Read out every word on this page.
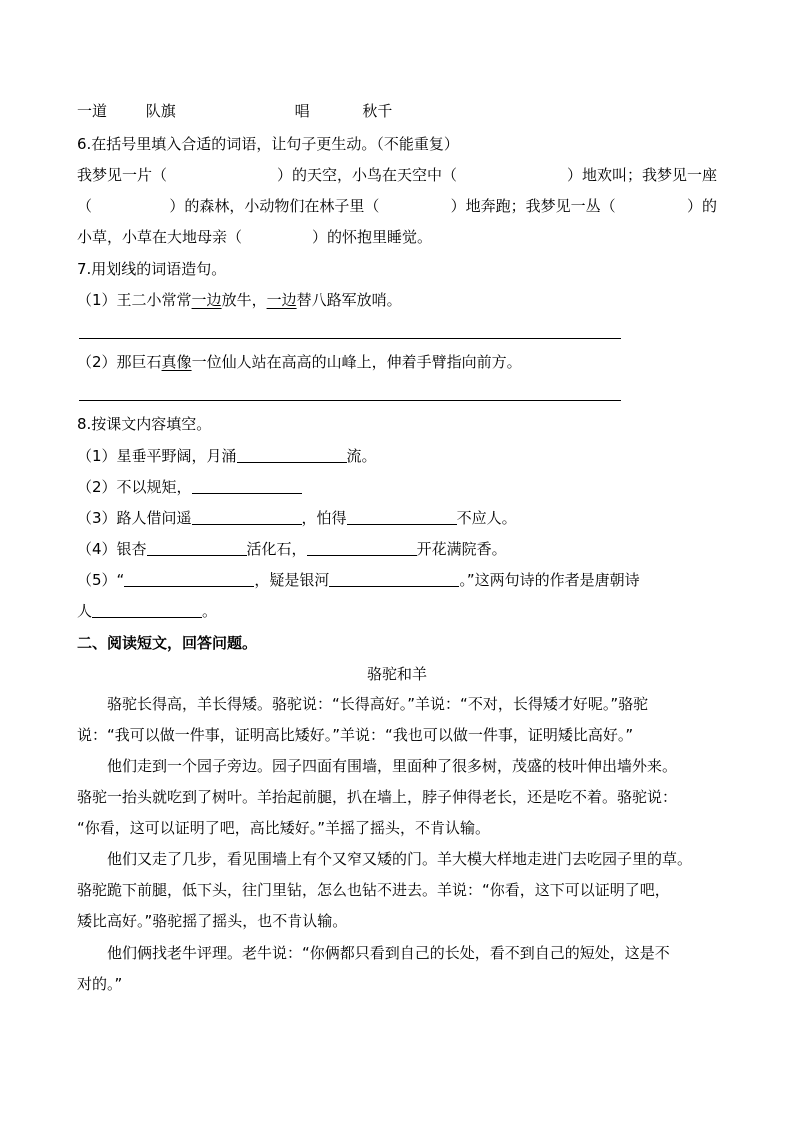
一道	队旗	唱	秋千
6.在括号里填入合适的词语，让句子更生动。（不能重复）
我梦见一片（	）的天空，小鸟在天空中（	）地欢叫；我梦见一座
（	）的森林，小动物们在林子里（	）地奔跑；我梦见一丛（	）的
小草，小草在大地母亲（	）的怀抱里睡觉。
7.用划线的词语造句。
（1）王二小常常一边放牛，一边替八路军放哨。
（2）那巨石真像一位仙人站在高高的山峰上，伸着手臂指向前方。
8.按课文内容填空。
（1）星垂平野阔，月涌	流。
（2）不以规矩，
（3）路人借问遥	，怕得	不应人。
（4）银杏	活化石，	开花满院香。
（5）“	，疑是银河	。”这两句诗的作者是唐朝诗
人	。
二、阅读短文，回答问题。
骆驼和羊
骆驼长得高，羊长得矮。骆驼说：“长得高好。”羊说：“不对，长得矮才好呢。”骆驼
说：“我可以做一件事，证明高比矮好。”羊说：“我也可以做一件事，证明矮比高好。”
他们走到一个园子旁边。园子四面有围墙，里面种了很多树，茂盛的枝叶伸出墙外来。
骆驼一抬头就吃到了树叶。羊抬起前腿，扒在墙上，脖子伸得老长，还是吃不着。骆驼说：
“你看，这可以证明了吧，高比矮好。”羊摇了摇头，不肯认输。
他们又走了几步，看见围墙上有个又窄又矮的门。羊大模大样地走进门去吃园子里的草。
骆驼跪下前腿，低下头，往门里钻，怎么也钻不进去。羊说：“你看，这下可以证明了吧，
矮比高好。”骆驼摇了摇头，也不肯认输。
他们俩找老牛评理。老牛说：“你俩都只看到自己的长处，看不到自己的短处，这是不
对的。”
